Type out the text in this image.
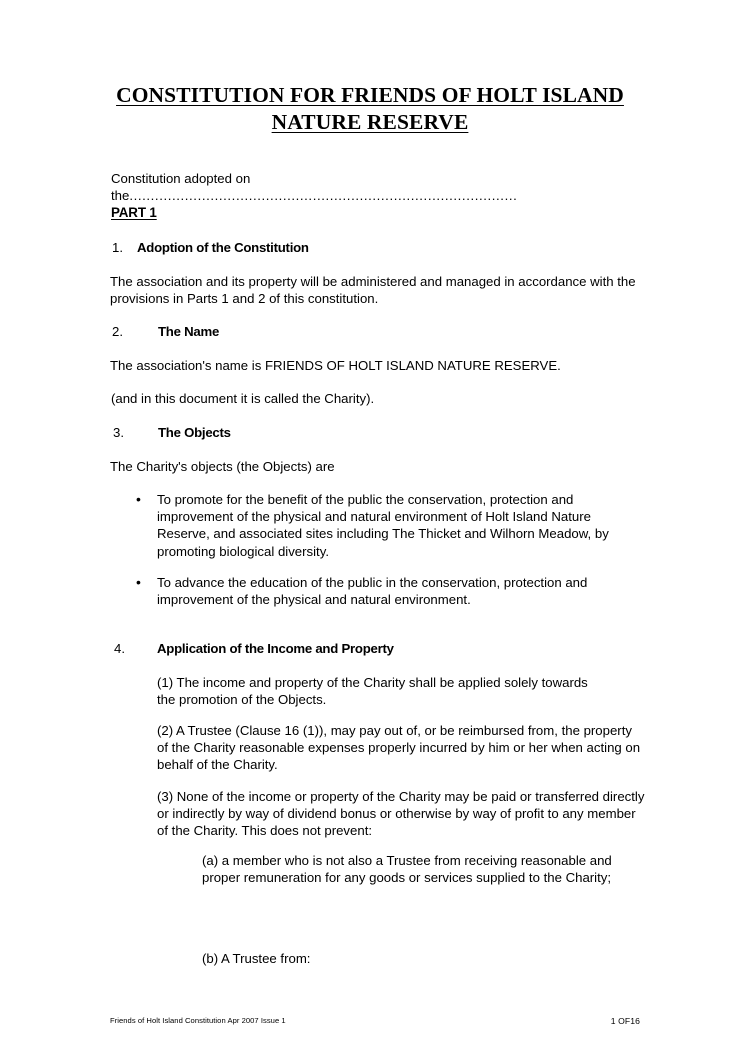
CONSTITUTION FOR FRIENDS OF HOLT ISLAND
NATURE RESERVE
Constitution adopted on the...........................................................................................
PART 1
1. Adoption of the Constitution
The association and its property will be administered and managed in accordance with the provisions in Parts 1 and 2 of this constitution.
2.	The Name
The association's name is FRIENDS OF HOLT ISLAND NATURE RESERVE.
(and in this document it is called the Charity).
3.	The Objects
The Charity's objects (the Objects) are
•	To promote for the benefit of the public the conservation, protection and improvement of the physical and natural environment of Holt Island Nature Reserve, and associated sites including The Thicket and Wilhorn Meadow, by promoting biological diversity.
•	To advance the education of the public in the conservation, protection and improvement of the physical and natural environment.
4. Application of the Income and Property
(1) The income and property of the Charity shall be applied solely towards the promotion of the Objects.
(2) A Trustee (Clause 16 (1)), may pay out of, or be reimbursed from, the property of the Charity reasonable expenses properly incurred by him or her when acting on behalf of the Charity.
(3) None of the income or property of the Charity may be paid or transferred directly or indirectly by way of dividend bonus or otherwise by way of profit to any member of the Charity. This does not prevent:
(a) a member who is not also a Trustee from receiving reasonable and proper remuneration for any goods or services supplied to the Charity;
(b) A Trustee from:
Friends of Holt Island Constitution Apr 2007 Issue 1	1 OF16
